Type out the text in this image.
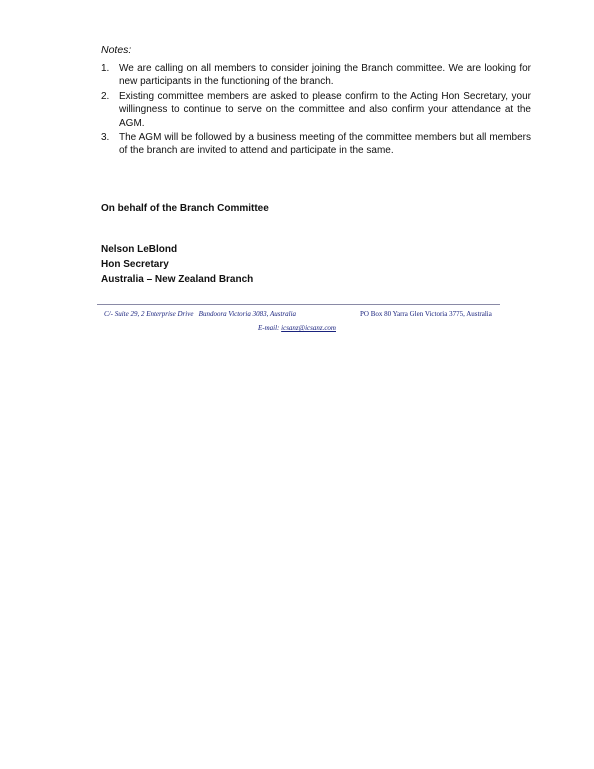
Notes:
1. We are calling on all members to consider joining the Branch committee. We are looking for new participants in the functioning of the branch.
2. Existing committee members are asked to please confirm to the Acting Hon Secretary, your willingness to continue to serve on the committee and also confirm your attendance at the AGM.
3. The AGM will be followed by a business meeting of the committee members but all members of the branch are invited to attend and participate in the same.
On behalf of the Branch Committee
Nelson LeBlond
Hon Secretary
Australia – New Zealand Branch
C/- Suite 29, 2 Enterprise Drive   Bundoora Victoria 3083, Australia	PO Box 80 Yarra Glen Victoria 3775, Australia
E-mail: icsanz@icsanz.com
